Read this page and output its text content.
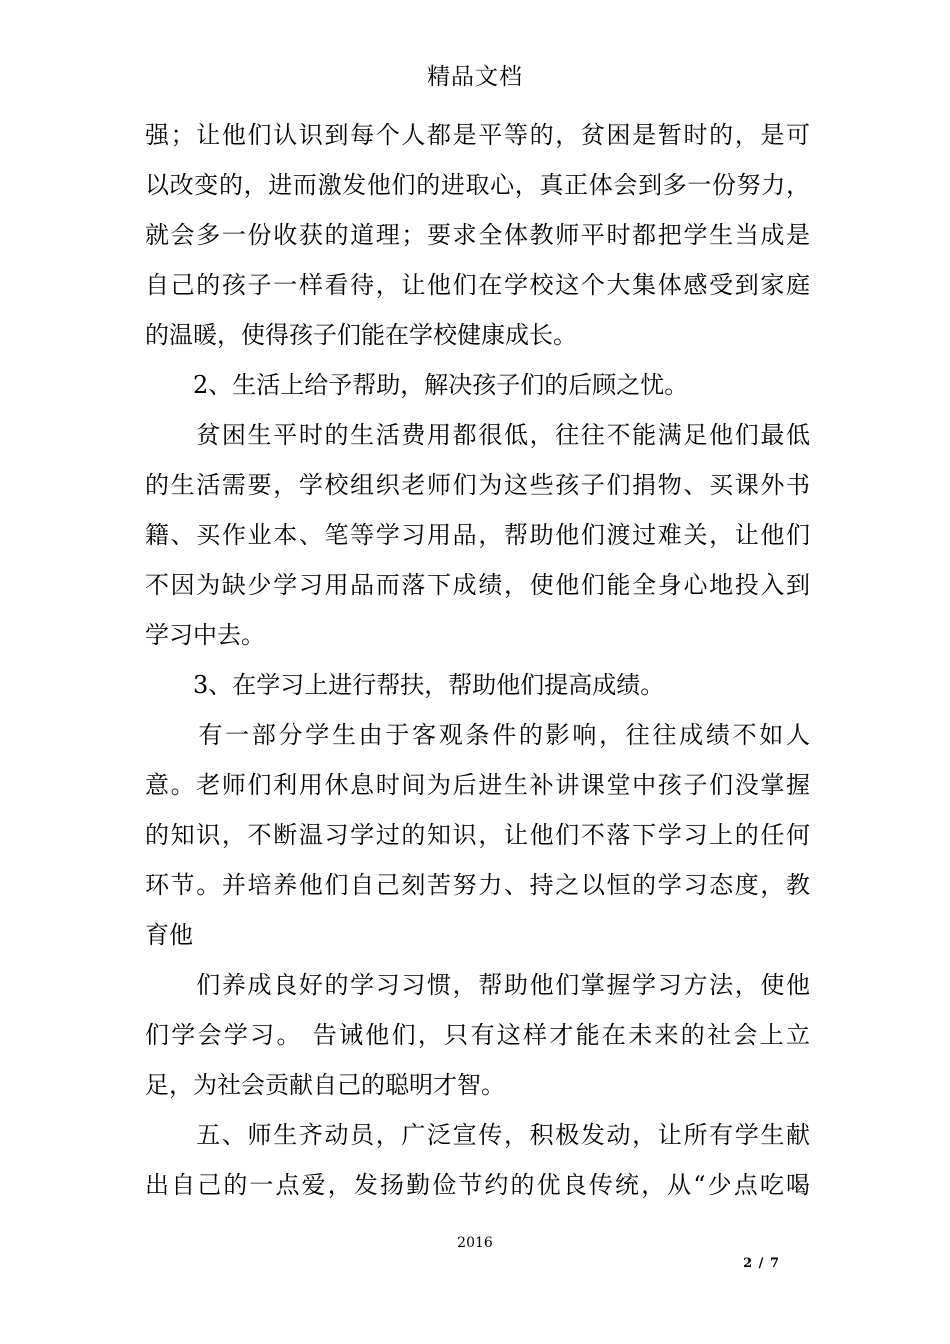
精品文档
强；让他们认识到每个人都是平等的，贫困是暂时的，是可
以改变的，进而激发他们的进取心，真正体会到多一份努力，
就会多一份收获的道理；要求全体教师平时都把学生当成是
自己的孩子一样看待，让他们在学校这个大集体感受到家庭
的温暖，使得孩子们能在学校健康成长。
　　2、生活上给予帮助，解决孩子们的后顾之忧。
　　贫困生平时的生活费用都很低，往往不能满足他们最低
的生活需要，学校组织老师们为这些孩子们捐物、买课外书
籍、买作业本、笔等学习用品，帮助他们渡过难关，让他们
不因为缺少学习用品而落下成绩，使他们能全身心地投入到
学习中去。
　　3、在学习上进行帮扶，帮助他们提高成绩。
　　有一部分学生由于客观条件的影响，往往成绩不如人
意。老师们利用休息时间为后进生补讲课堂中孩子们没掌握
的知识，不断温习学过的知识，让他们不落下学习上的任何
环节。并培养他们自己刻苦努力、持之以恒的学习态度，教
育他
　　们养成良好的学习习惯，帮助他们掌握学习方法，使他
们学会学习。 告诫他们，只有这样才能在未来的社会上立
足，为社会贡献自己的聪明才智。
　　五、师生齐动员，广泛宣传，积极发动，让所有学生献
出自己的一点爱，发扬勤俭节约的优良传统，从“少点吃喝
2016
2 / 7
